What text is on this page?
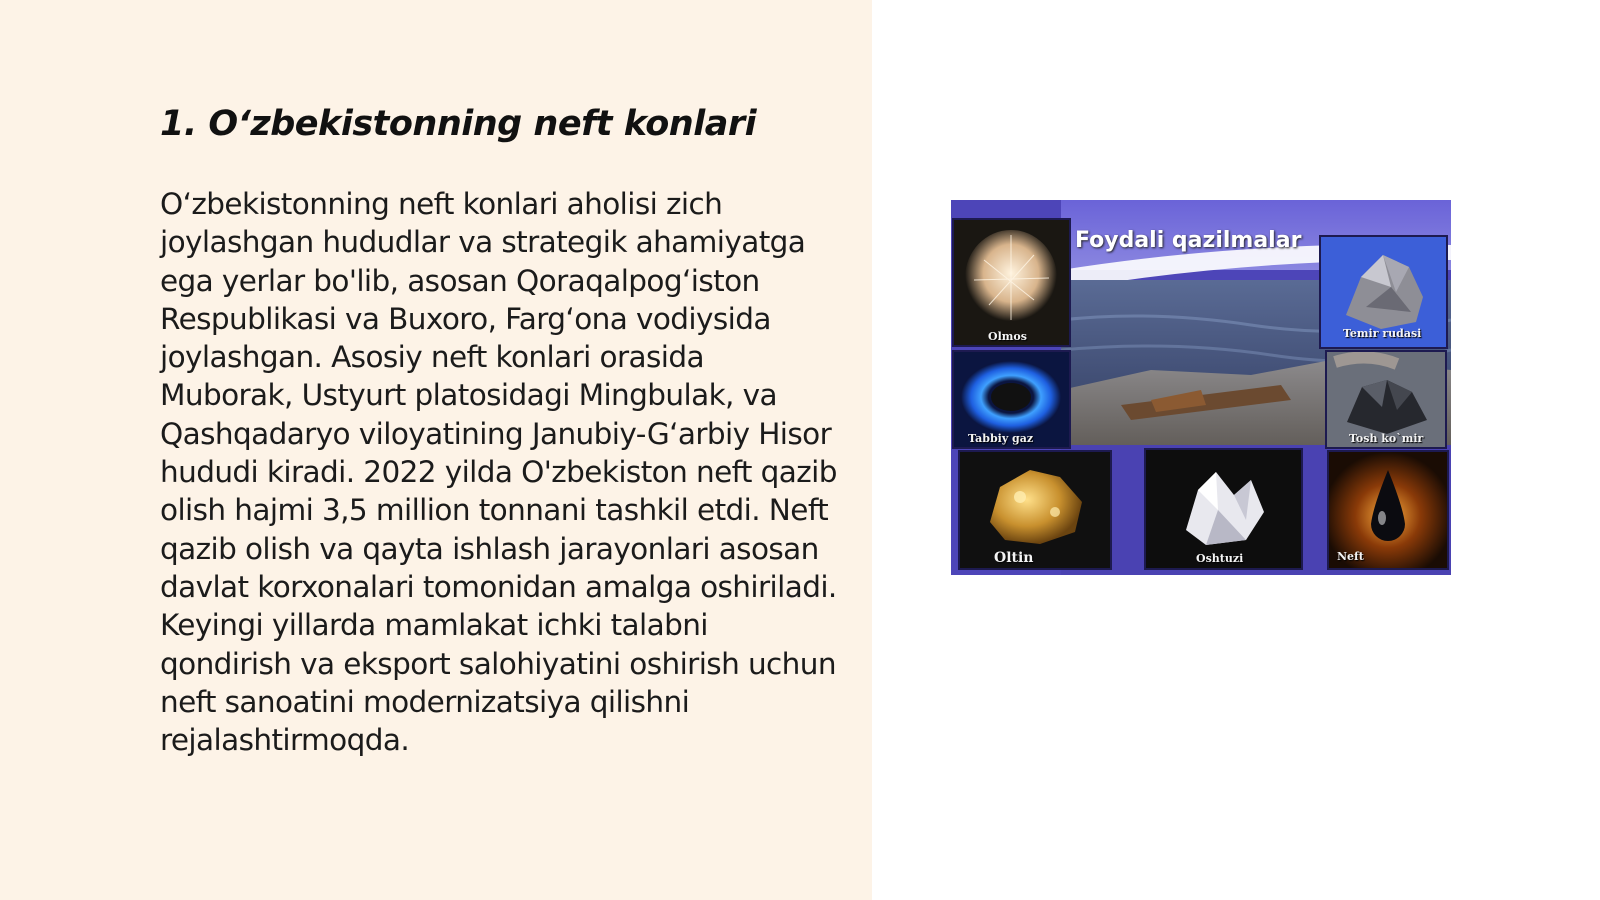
1. O‘zbekistonning neft konlari

O‘zbekistonning neft konlari aholisi zich joylashgan hududlar va strategik ahamiyatga ega yerlar bo'lib, asosan Qoraqalpog‘iston Respublikasi va Buxoro, Farg‘ona vodiysida joylashgan. Asosiy neft konlari orasida Muborak, Ustyurt platosidagi Mingbulak, va Qashqadaryo viloyatining Janubiy-G‘arbiy Hisor hududi kiradi. 2022 yilda O'zbekiston neft qazib olish hajmi 3,5 million tonnani tashkil etdi. Neft qazib olish va qayta ishlash jarayonlari asosan davlat korxonalari tomonidan amalga oshiriladi. Keyingi yillarda mamlakat ichki talabni qondirish va eksport salohiyatini oshirish uchun neft sanoatini modernizatsiya qilishni rejalashtirmoqda.

Foydali qazilmalar
Olmos	Temir rudasi
Tabbiy gaz	Tosh ko`mir
Oltin	Oshtuzi	Neft
